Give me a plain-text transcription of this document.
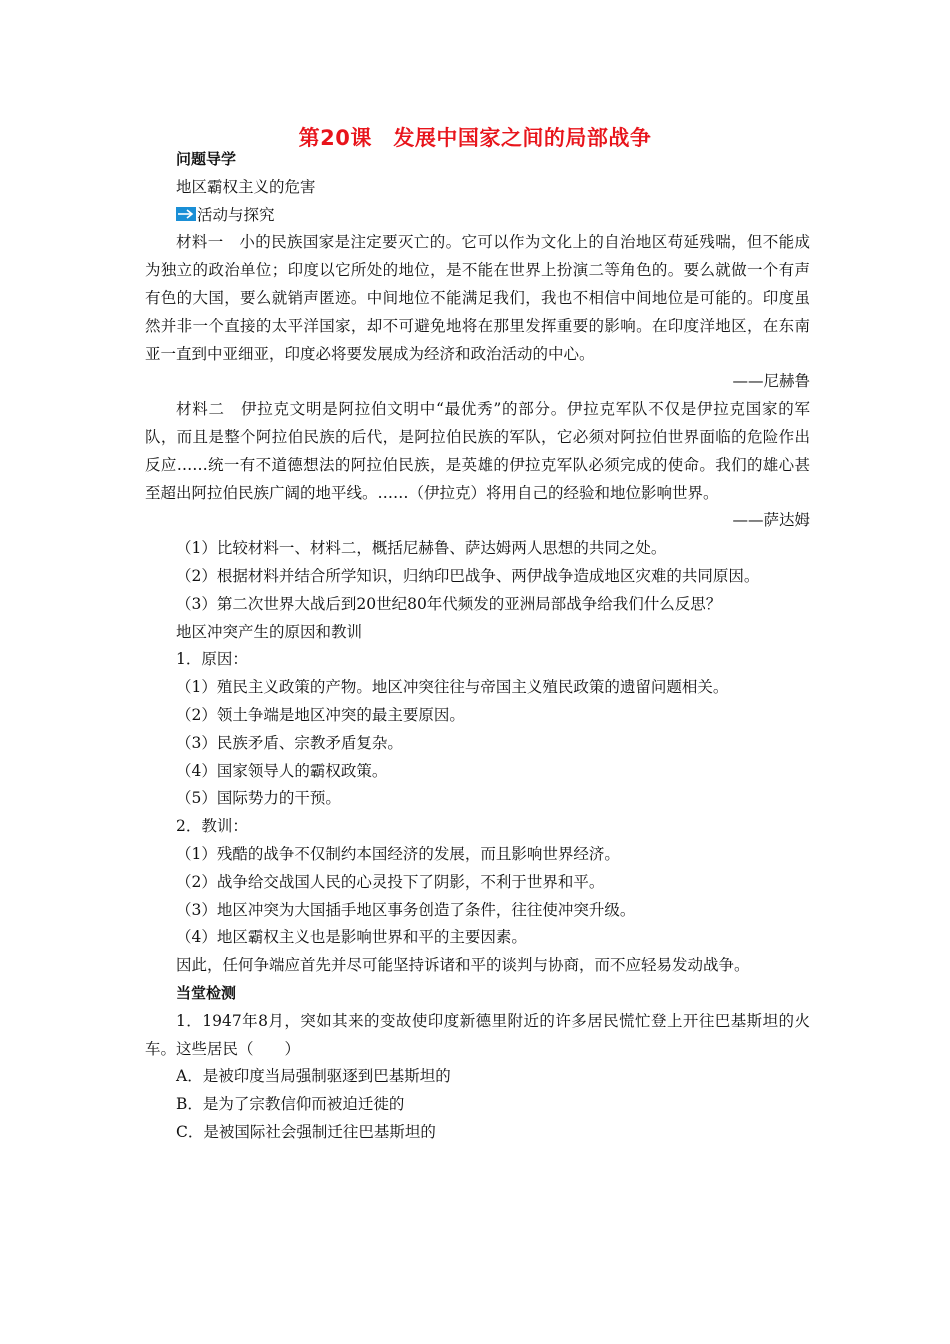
第20课　发展中国家之间的局部战争
问题导学
地区霸权主义的危害
活动与探究
材料一　小的民族国家是注定要灭亡的。它可以作为文化上的自治地区苟延残喘，但不能成为独立的政治单位；印度以它所处的地位，是不能在世界上扮演二等角色的。要么就做一个有声有色的大国，要么就销声匿迹。中间地位不能满足我们，我也不相信中间地位是可能的。印度虽然并非一个直接的太平洋国家，却不可避免地将在那里发挥重要的影响。在印度洋地区，在东南亚一直到中亚细亚，印度必将要发展成为经济和政治活动的中心。
——尼赫鲁
材料二　伊拉克文明是阿拉伯文明中“最优秀”的部分。伊拉克军队不仅是伊拉克国家的军队，而且是整个阿拉伯民族的后代，是阿拉伯民族的军队，它必须对阿拉伯世界面临的危险作出反应……统一有不道德想法的阿拉伯民族，是英雄的伊拉克军队必须完成的使命。我们的雄心甚至超出阿拉伯民族广阔的地平线。……（伊拉克）将用自己的经验和地位影响世界。
——萨达姆
（1）比较材料一、材料二，概括尼赫鲁、萨达姆两人思想的共同之处。
（2）根据材料并结合所学知识，归纳印巴战争、两伊战争造成地区灾难的共同原因。
（3）第二次世界大战后到20世纪80年代频发的亚洲局部战争给我们什么反思？
地区冲突产生的原因和教训
1．原因：
（1）殖民主义政策的产物。地区冲突往往与帝国主义殖民政策的遗留问题相关。
（2）领土争端是地区冲突的最主要原因。
（3）民族矛盾、宗教矛盾复杂。
（4）国家领导人的霸权政策。
（5）国际势力的干预。
2．教训：
（1）残酷的战争不仅制约本国经济的发展，而且影响世界经济。
（2）战争给交战国人民的心灵投下了阴影，不利于世界和平。
（3）地区冲突为大国插手地区事务创造了条件，往往使冲突升级。
（4）地区霸权主义也是影响世界和平的主要因素。
因此，任何争端应首先并尽可能坚持诉诸和平的谈判与协商，而不应轻易发动战争。
当堂检测
1．1947年8月，突如其来的变故使印度新德里附近的许多居民慌忙登上开往巴基斯坦的火车。这些居民（　　）
A．是被印度当局强制驱逐到巴基斯坦的
B．是为了宗教信仰而被迫迁徙的
C．是被国际社会强制迁往巴基斯坦的
